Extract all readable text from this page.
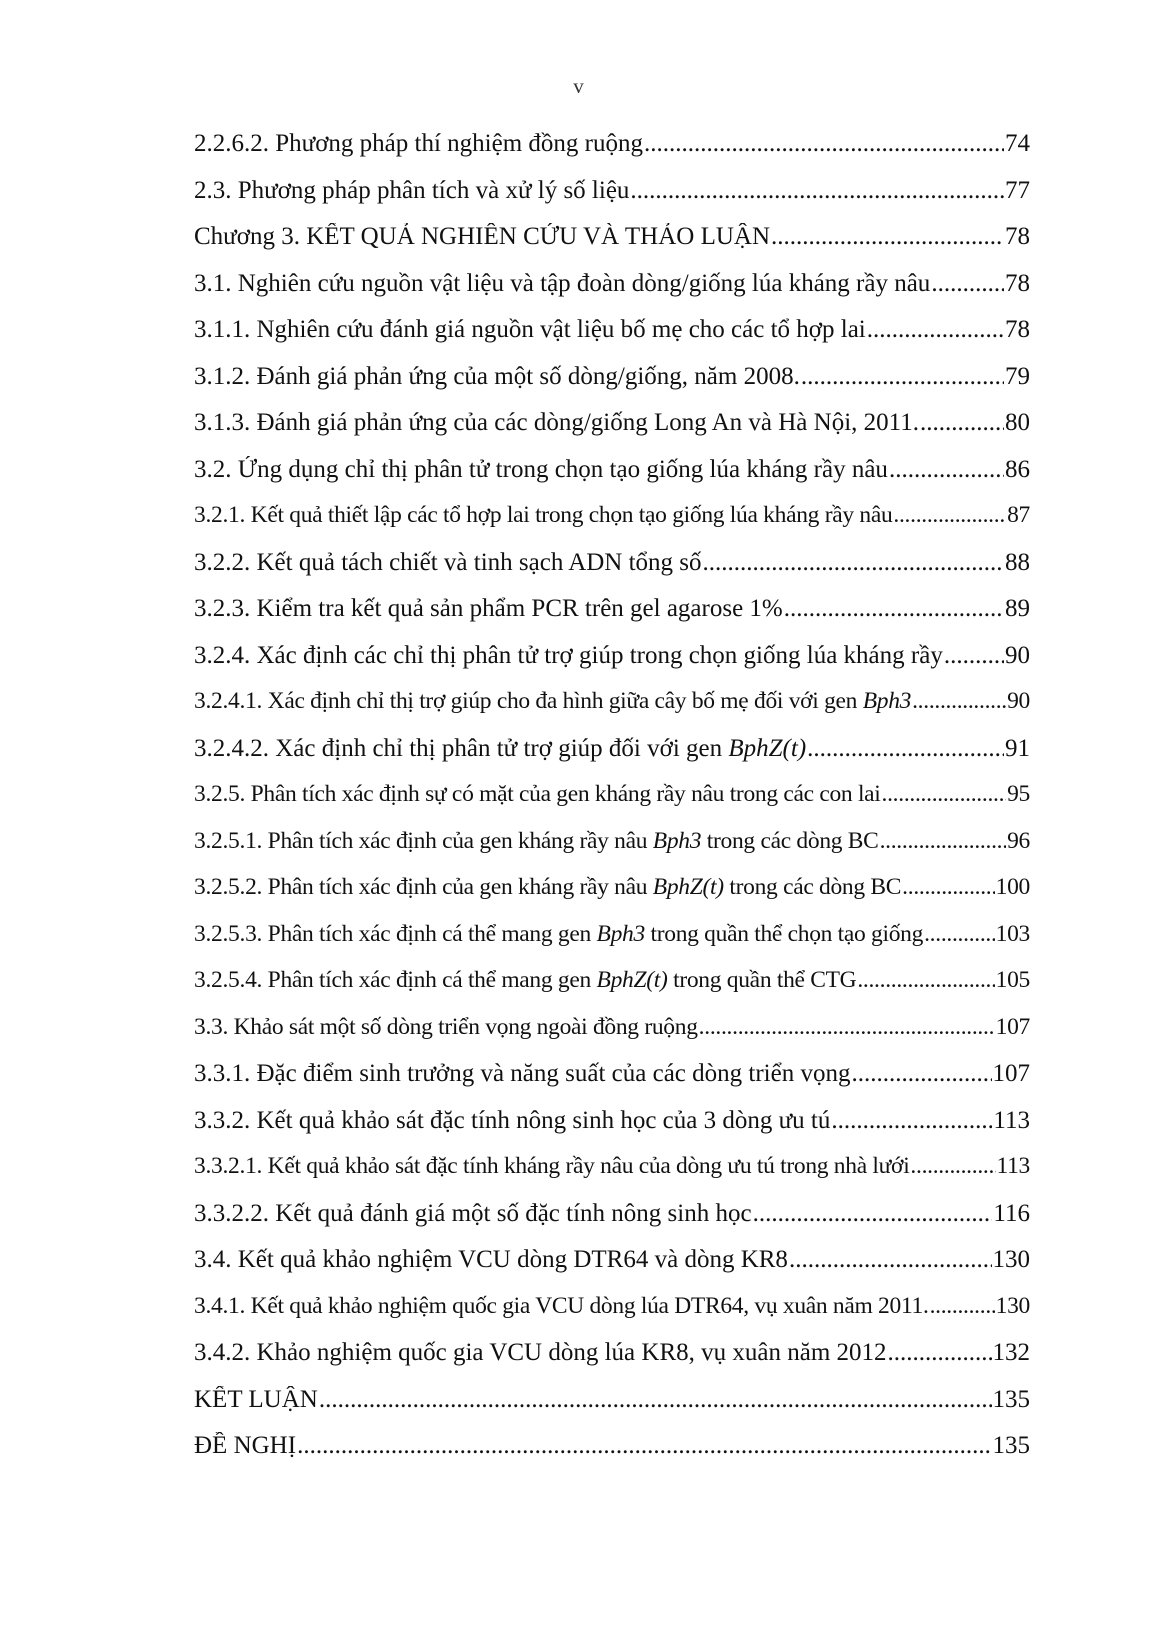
v
2.2.6.2. Phương pháp thí nghiệm đồng ruộng .....	74
2.3. Phương pháp phân tích và xử lý số liệu .....	77
Chương 3. KẾT QUẢ NGHIÊN CỨU VÀ THẢO LUẬN .....	78
3.1. Nghiên cứu nguồn vật liệu và tập đoàn dòng/giống lúa kháng rầy nâu .....	78
3.1.1. Nghiên cứu đánh giá nguồn vật liệu bố mẹ cho các tổ hợp lai .....	78
3.1.2. Đánh giá phản ứng của một số dòng/giống, năm 2008. .....	79
3.1.3. Đánh giá phản ứng của các dòng/giống Long An và Hà Nội, 2011. .....	80
3.2. Ứng dụng chỉ thị phân tử trong chọn tạo giống lúa kháng rầy nâu .....	86
3.2.1. Kết quả thiết lập các tổ hợp lai trong chọn tạo giống lúa kháng rầy nâu .....	87
3.2.2. Kết quả tách chiết và tinh sạch ADN tổng số .....	88
3.2.3. Kiểm tra kết quả sản phẩm PCR trên gel agarose 1% .....	89
3.2.4. Xác định các chỉ thị phân tử trợ giúp trong chọn giống lúa kháng rầy ..... 90
3.2.4.1. Xác định chỉ thị trợ giúp cho đa hình giữa cây bố mẹ đối với gen Bph3 .....	90
3.2.4.2. Xác định chỉ thị phân tử trợ giúp đối với gen BphZ(t) .....	91
3.2.5. Phân tích xác định sự có mặt của gen kháng rầy nâu trong các con lai .....	95
3.2.5.1. Phân tích xác định của gen kháng rầy nâu Bph3 trong các dòng BC .....	96
3.2.5.2. Phân tích xác định của gen kháng rầy nâu BphZ(t) trong các dòng BC .....	100
3.2.5.3. Phân tích xác định cá thể mang gen Bph3 trong quần thể chọn tạo giống .....	103
3.2.5.4. Phân tích xác định cá thể mang gen BphZ(t) trong quần thể CTG .....	105
3.3. Khảo sát một số dòng triển vọng ngoài đồng ruộng .....	107
3.3.1. Đặc điểm sinh trưởng và năng suất của các dòng triển vọng .....	107
3.3.2. Kết quả khảo sát đặc tính nông sinh học của 3 dòng ưu tú .....	113
3.3.2.1. Kết quả khảo sát đặc tính kháng rầy nâu của dòng ưu tú trong nhà lưới .....	113
3.3.2.2. Kết quả đánh giá một số đặc tính nông sinh học .....	116
3.4. Kết quả khảo nghiệm VCU dòng DTR64 và dòng KR8 .....	130
3.4.1. Kết quả khảo nghiệm quốc gia VCU dòng lúa DTR64, vụ xuân năm 2011. .....	130
3.4.2. Khảo nghiệm quốc gia VCU dòng lúa KR8, vụ xuân năm 2012 .....	132
KẾT LUẬN .....	135
ĐỀ NGHỊ .....	135
